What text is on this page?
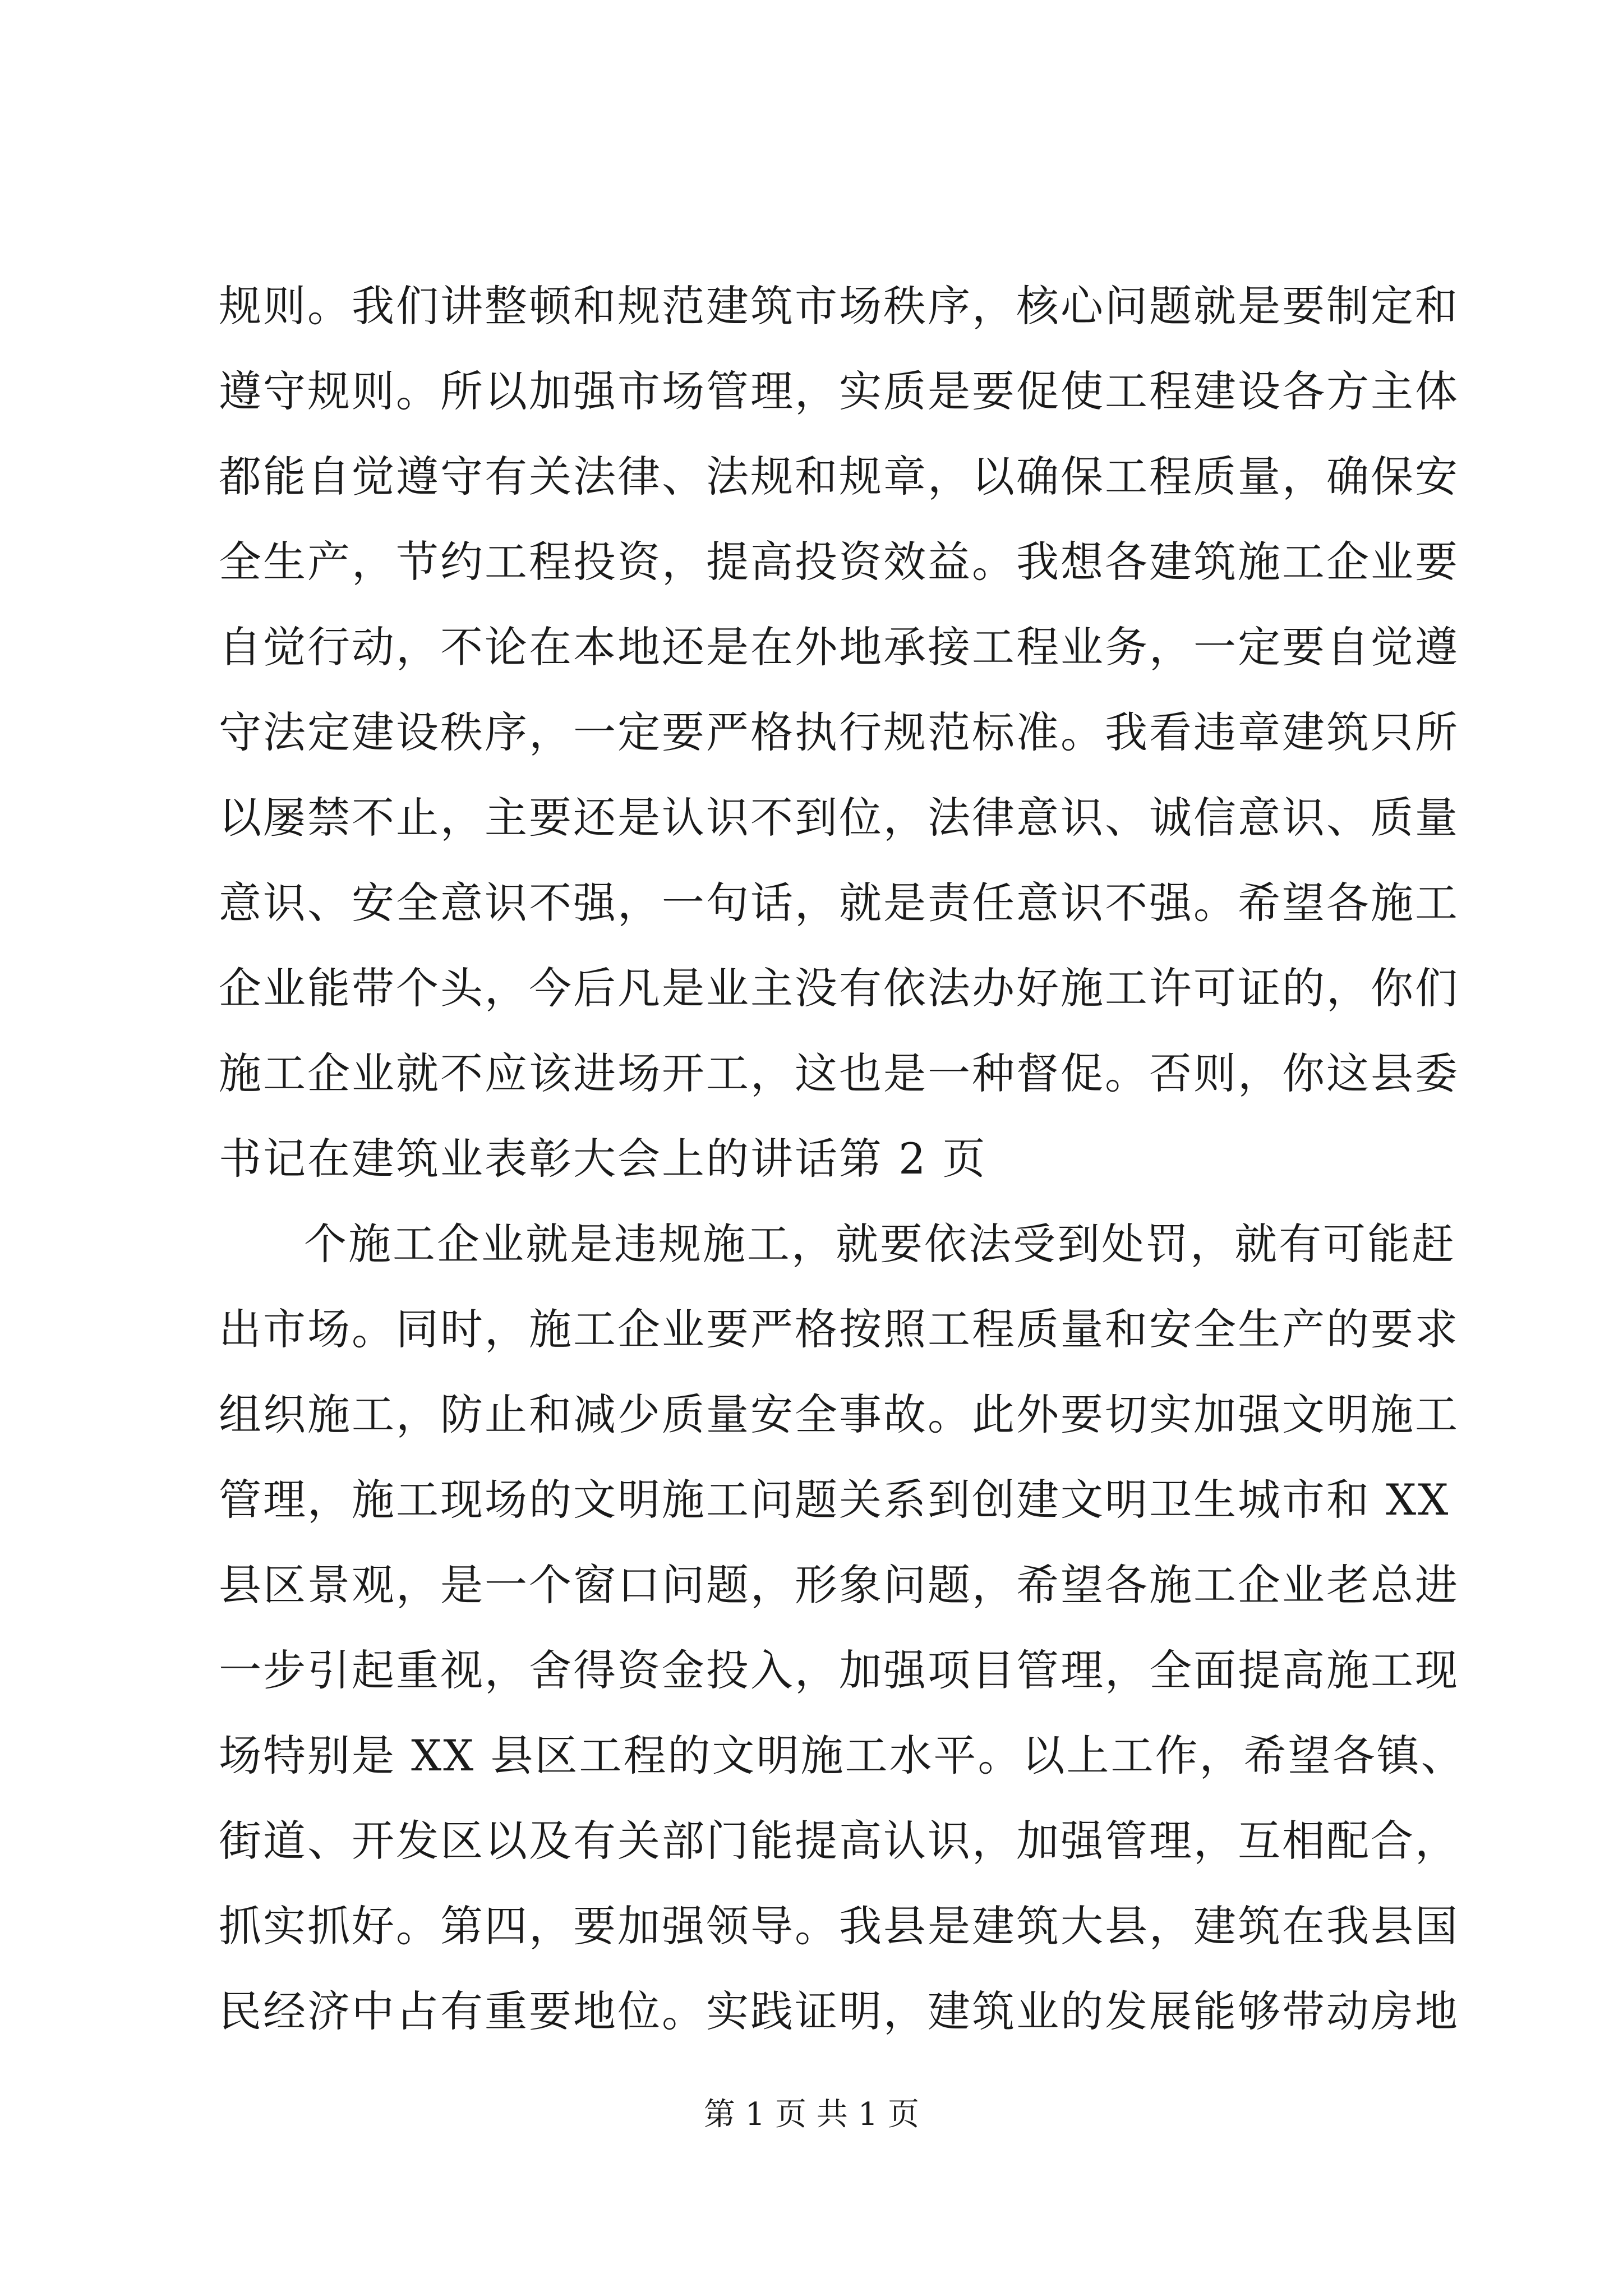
规则。我们讲整顿和规范建筑市场秩序，核心问题就是要制定和
遵守规则。所以加强市场管理，实质是要促使工程建设各方主体
都能自觉遵守有关法律、法规和规章，以确保工程质量，确保安
全生产，节约工程投资，提高投资效益。我想各建筑施工企业要
自觉行动，不论在本地还是在外地承接工程业务，一定要自觉遵
守法定建设秩序，一定要严格执行规范标准。我看违章建筑只所
以屡禁不止，主要还是认识不到位，法律意识、诚信意识、质量
意识、安全意识不强，一句话，就是责任意识不强。希望各施工
企业能带个头，今后凡是业主没有依法办好施工许可证的，你们
施工企业就不应该进场开工，这也是一种督促。否则，你这县委
书记在建筑业表彰大会上的讲话第 2 页
个施工企业就是违规施工，就要依法受到处罚，就有可能赶
出市场。同时，施工企业要严格按照工程质量和安全生产的要求
组织施工，防止和减少质量安全事故。此外要切实加强文明施工
管理，施工现场的文明施工问题关系到创建文明卫生城市和 XX
县区景观，是一个窗口问题，形象问题，希望各施工企业老总进
一步引起重视，舍得资金投入，加强项目管理，全面提高施工现
场特别是 XX 县区工程的文明施工水平。以上工作，希望各镇、
街道、开发区以及有关部门能提高认识，加强管理，互相配合，
抓实抓好。第四，要加强领导。我县是建筑大县，建筑在我县国
民经济中占有重要地位。实践证明，建筑业的发展能够带动房地
第 1 页 共 1 页
